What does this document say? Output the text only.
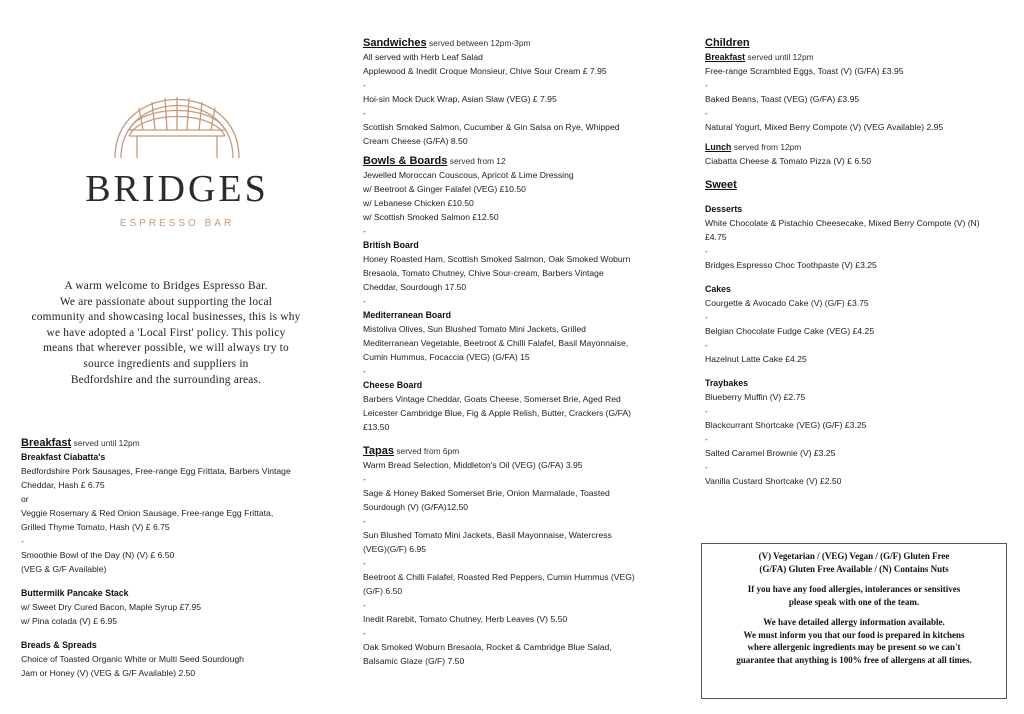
BRIDGES
ESPRESSO BAR
A warm welcome to Bridges Espresso Bar.
We are passionate about supporting the local
community and showcasing local businesses, this is why
we have adopted a 'Local First' policy. This policy
means that wherever possible, we will always try to
source ingredients and suppliers in
Bedfordshire and the surrounding areas.
Breakfast served until 12pm
Breakfast Ciabatta's
Bedfordshire Pork Sausages, Free-range Egg Frittata, Barbers Vintage
Cheddar, Hash £ 6.75
or
Veggie Rosemary & Red Onion Sausage, Free-range Egg Frittata,
Grilled Thyme Tomato, Hash (V) £ 6.75
-
Smoothie Bowl of the Day (N) (V) £ 6.50
(VEG & G/F Available)
Buttermilk Pancake Stack
w/ Sweet Dry Cured Bacon, Maple Syrup £7.95
w/ Pina colada (V) £ 6.95
Breads & Spreads
Choice of Toasted Organic White or Multi Seed Sourdough
Jam or Honey (V) (VEG & G/F Available) 2.50
Sandwiches served between 12pm-3pm
All served with Herb Leaf Salad
Applewood & Inedit Croque Monsieur, Chive Sour Cream £ 7.95
-
Hoi-sin Mock Duck Wrap, Asian Slaw (VEG) £ 7.95
-
Scottish Smoked Salmon, Cucumber & Gin Salsa on Rye, Whipped
Cream Cheese (G/FA) 8.50
Bowls & Boards served from 12
Jewelled Moroccan Couscous, Apricot & Lime Dressing
w/ Beetroot & Ginger Falafel (VEG) £10.50
w/ Lebanese Chicken £10.50
w/ Scottish Smoked Salmon £12.50
-
British Board
Honey Roasted Ham, Scottish Smoked Salmon, Oak Smoked Woburn
Bresaola, Tomato Chutney, Chive Sour-cream, Barbers Vintage
Cheddar, Sourdough 17.50
-
Mediterranean Board
Mistoliva Olives, Sun Blushed Tomato Mini Jackets, Grilled
Mediterranean Vegetable, Beetroot & Chilli Falafel, Basil Mayonnaise,
Cumin Hummus, Focaccia (VEG) (G/FA) 15
-
Cheese Board
Barbers Vintage Cheddar, Goats Cheese, Somerset Brie, Aged Red
Leicester Cambridge Blue, Fig & Apple Relish, Butter, Crackers (G/FA)
£13.50
Tapas served from 6pm
Warm Bread Selection, Middleton's Oil (VEG) (G/FA) 3.95
-
Sage & Honey Baked Somerset Brie, Onion Marmalade, Toasted
Sourdough (V) (G/FA)12.50
-
Sun Blushed Tomato Mini Jackets, Basil Mayonnaise, Watercress
(VEG)(G/F) 6.95
-
Beetroot & Chilli Falafel, Roasted Red Peppers, Cumin Hummus (VEG)
(G/F) 6.50
-
Inedit Rarebit, Tomato Chutney, Herb Leaves (V) 5.50
-
Oak Smoked Woburn Bresaola, Rocket & Cambridge Blue Salad,
Balsamic Glaze (G/F) 7.50
Children
Breakfast served until 12pm
Free-range Scrambled Eggs, Toast (V) (G/FA) £3.95
-
Baked Beans, Toast (VEG) (G/FA) £3.95
-
Natural Yogurt, Mixed Berry Compote (V) (VEG Available) 2.95
Lunch served from 12pm
Ciabatta Cheese & Tomato Pizza (V) £ 6.50
Sweet
Desserts
White Chocolate & Pistachio Cheesecake, Mixed Berry Compote (V) (N)
£4.75
-
Bridges Espresso Choc Toothpaste (V) £3.25
Cakes
Courgette & Avocado Cake (V) (G/F) £3.75
-
Belgian Chocolate Fudge Cake (VEG) £4.25
-
Hazelnut Latte Cake £4.25
Traybakes
Blueberry Muffin (V) £2.75
-
Blackcurrant Shortcake (VEG) (G/F) £3.25
-
Salted Caramel Brownie (V) £3.25
-
Vanilla Custard Shortcake (V) £2.50

(V) Vegetarian / (VEG) Vegan / (G/F) Gluten Free
(G/FA) Gluten Free Available / (N) Contains Nuts

If you have any food allergies, intolerances or sensitives
please speak with one of the team.

We have detailed allergy information available.
We must inform you that our food is prepared in kitchens
where allergenic ingredients may be present so we can't
guarantee that anything is 100% free of allergens at all times.
